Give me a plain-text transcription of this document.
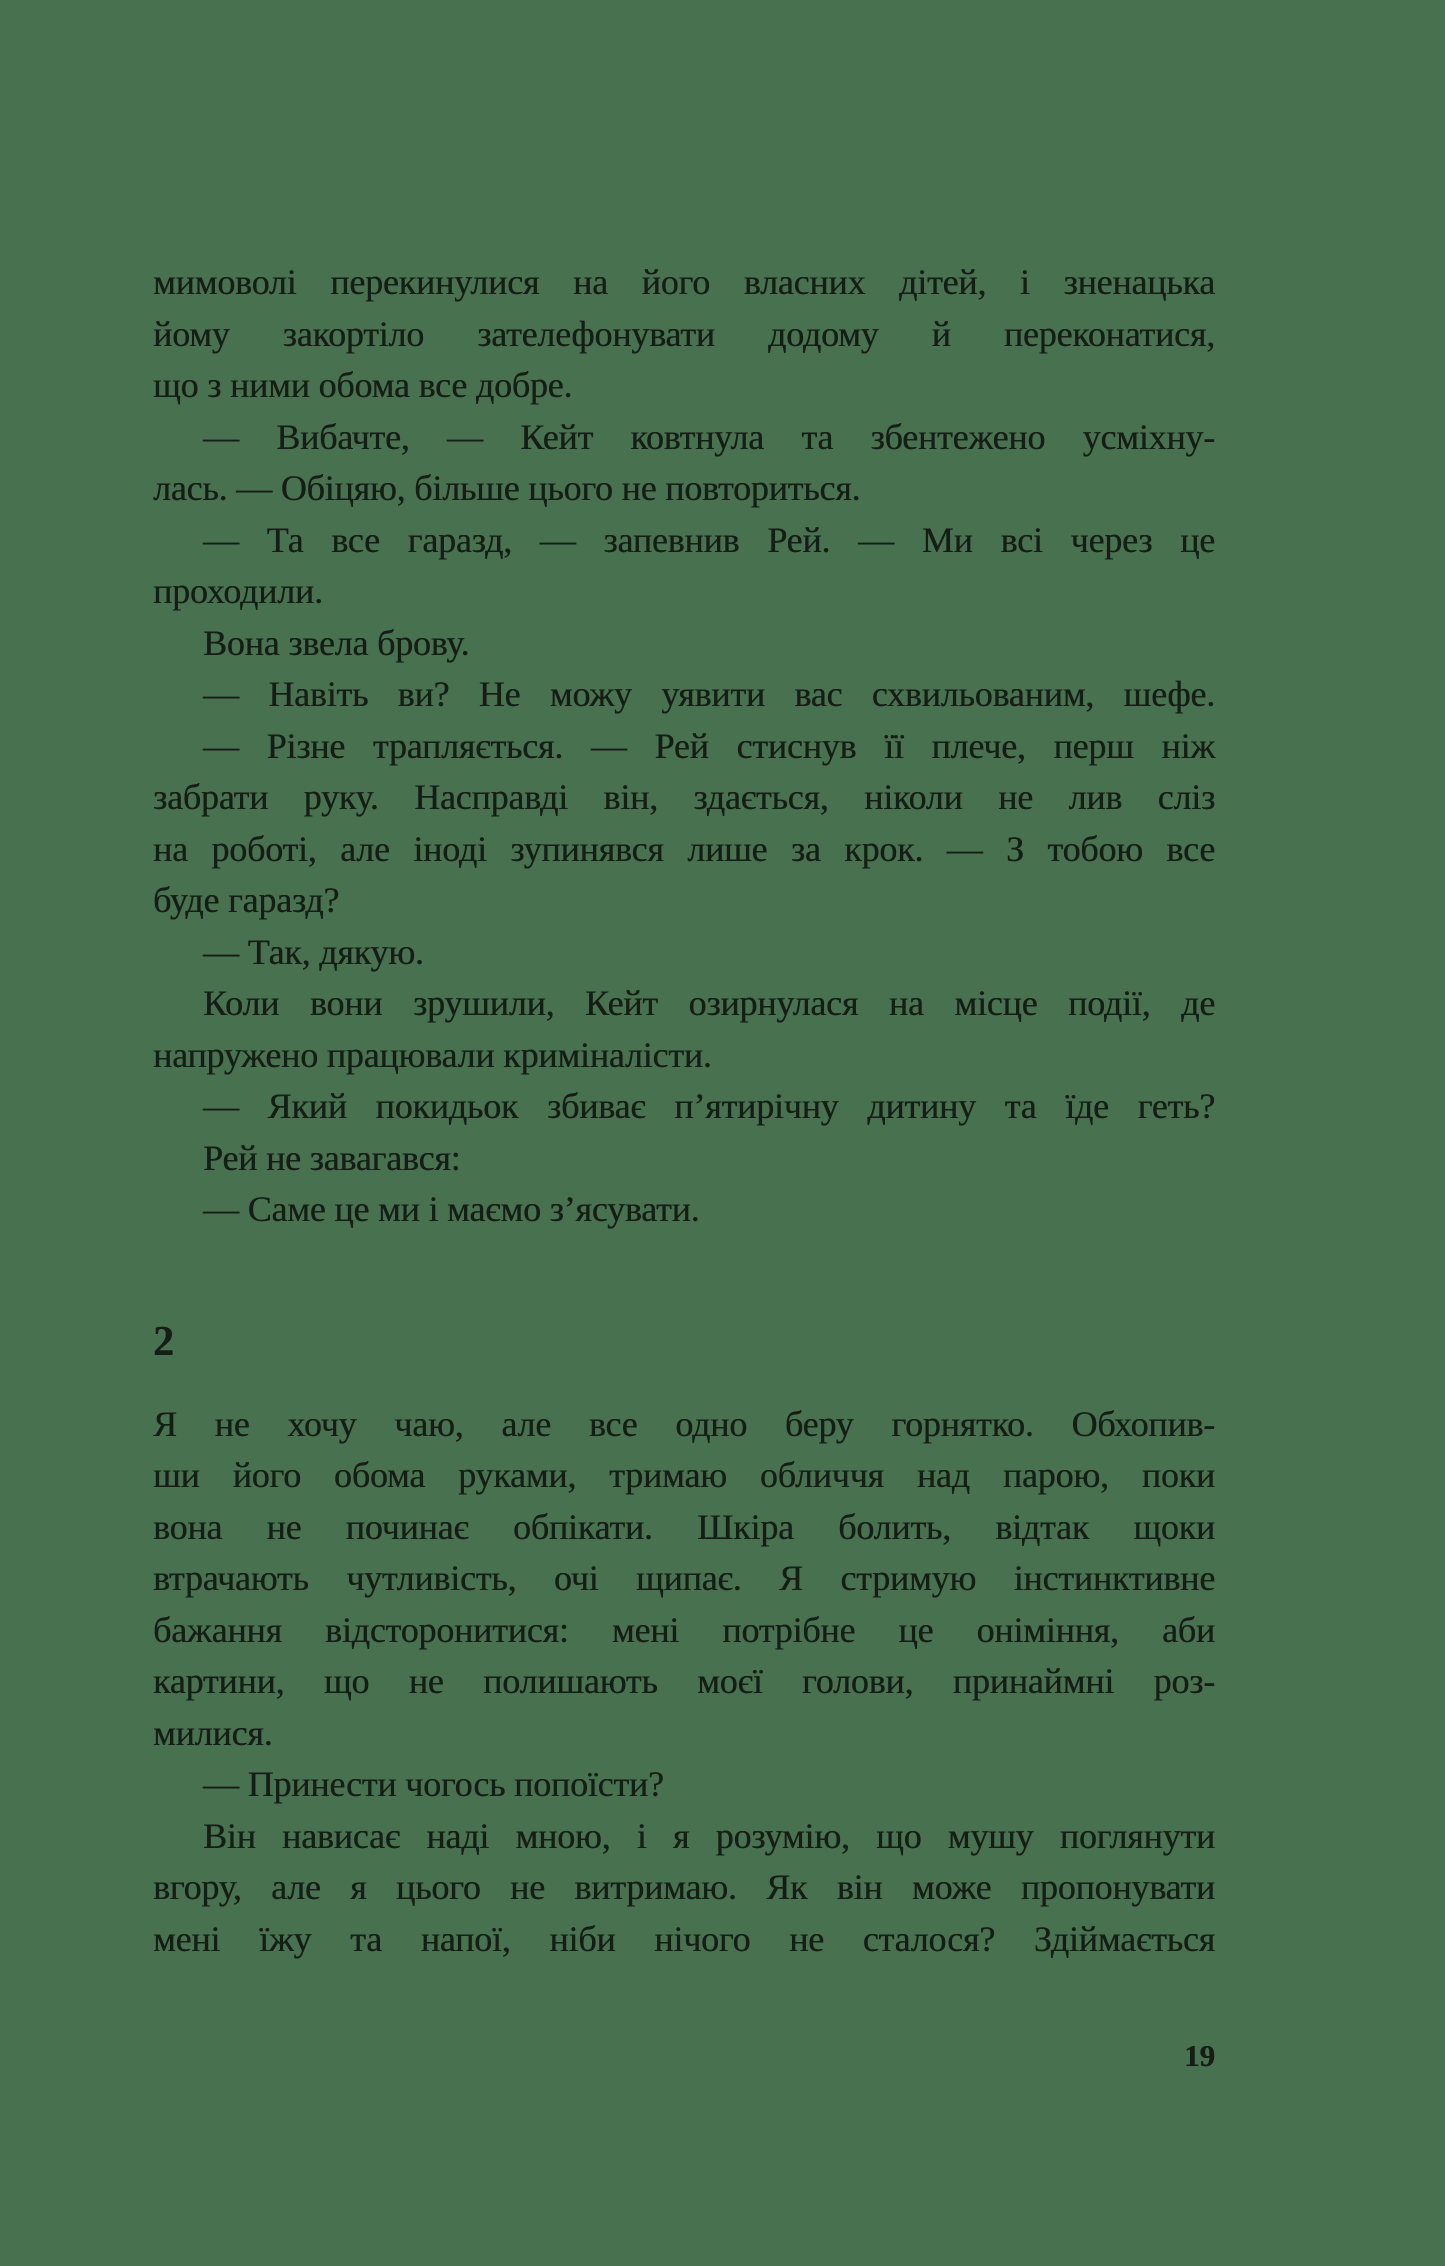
мимоволі перекинулися на його власних дітей, і зненацька
йому закортіло зателефонувати додому й переконатися,
що з ними обома все добре.
— Вибачте, — Кейт ковтнула та збентежено усміхну-
лась. — Обіцяю, більше цього не повториться.
— Та все гаразд, — запевнив Рей. — Ми всі через це
проходили.
Вона звела брову.
— Навіть ви? Не можу уявити вас схвильованим, шефе.
— Різне трапляється. — Рей стиснув її плече, перш ніж
забрати руку. Насправді він, здається, ніколи не лив сліз
на роботі, але іноді зупинявся лише за крок. — З тобою все
буде гаразд?
— Так, дякую.
Коли вони зрушили, Кейт озирнулася на місце події, де
напружено працювали криміналісти.
— Який покидьок збиває п’ятирічну дитину та їде геть?
Рей не завагався:
— Саме це ми і маємо з’ясувати.
2
Я не хочу чаю, але все одно беру горнятко. Обхопив-
ши його обома руками, тримаю обличчя над парою, поки
вона не починає обпікати. Шкіра болить, відтак щоки
втрачають чутливість, очі щипає. Я стримую інстинктивне
бажання відсторонитися: мені потрібне це оніміння, аби
картини, що не полишають моєї голови, принаймні роз-
милися.
— Принести чогось попоїсти?
Він нависає наді мною, і я розумію, що мушу поглянути
вгору, але я цього не витримаю. Як він може пропонувати
мені їжу та напої, ніби нічого не сталося? Здіймається
19
